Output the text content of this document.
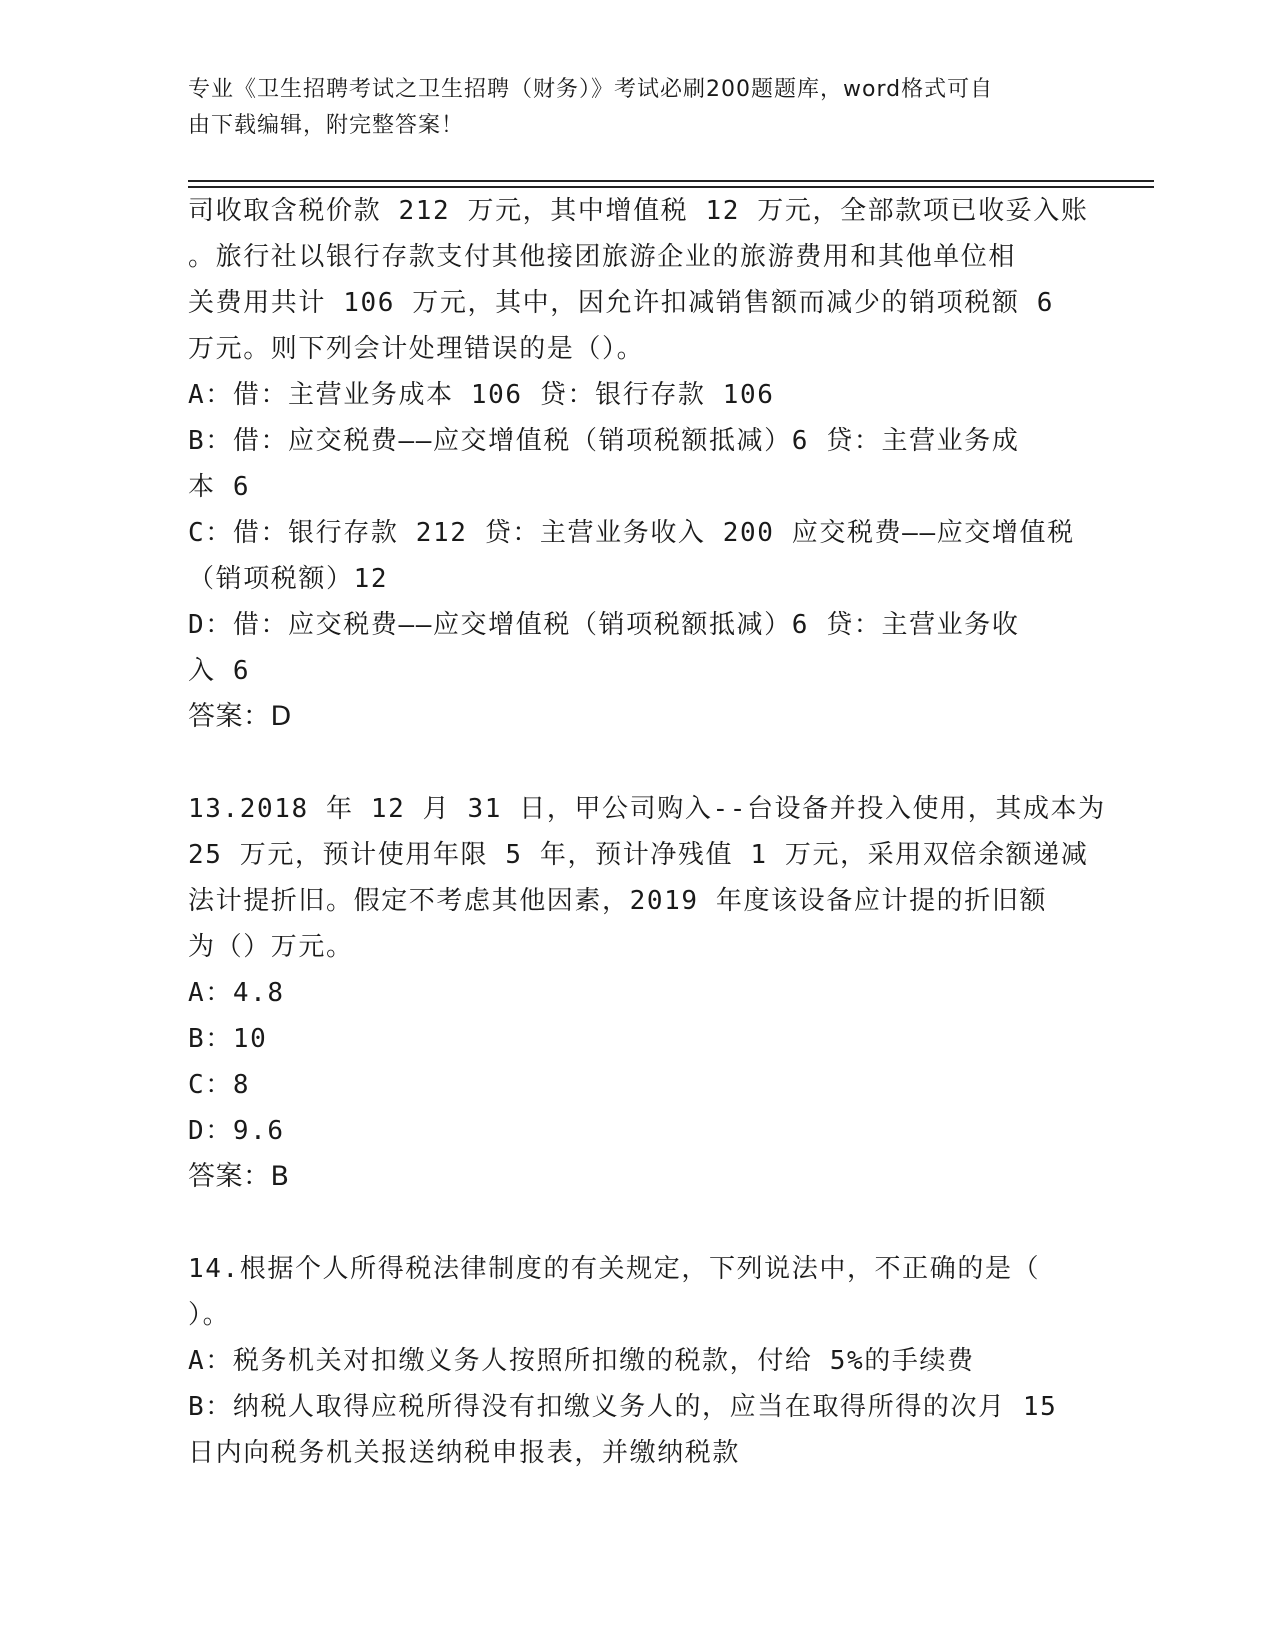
专业《卫生招聘考试之卫生招聘（财务）》考试必刷200题题库，word格式可自
由下载编辑，附完整答案！
司收取含税价款 212 万元，其中增值税 12 万元，全部款项已收妥入账
。旅行社以银行存款支付其他接团旅游企业的旅游费用和其他单位相
关费用共计 106 万元，其中，因允许扣减销售额而减少的销项税额 6
万元。则下列会计处理错误的是（）。
A：借：主营业务成本 106 贷：银行存款 106
B：借：应交税费——应交增值税（销项税额抵减）6 贷：主营业务成
本 6
C：借：银行存款 212 贷：主营业务收入 200 应交税费——应交增值税
（销项税额）12
D：借：应交税费——应交增值税（销项税额抵减）6 贷：主营业务收
入 6
答案：D
13.2018 年 12 月 31 日，甲公司购入--台设备并投入使用，其成本为
25 万元，预计使用年限 5 年，预计净残值 1 万元，采用双倍余额递减
法计提折旧。假定不考虑其他因素，2019 年度该设备应计提的折旧额
为（）万元。
A：4.8
B：10
C：8
D：9.6
答案：B
14.根据个人所得税法律制度的有关规定，下列说法中，不正确的是（
）。
A：税务机关对扣缴义务人按照所扣缴的税款，付给 5%的手续费
B：纳税人取得应税所得没有扣缴义务人的，应当在取得所得的次月 15
日内向税务机关报送纳税申报表，并缴纳税款
